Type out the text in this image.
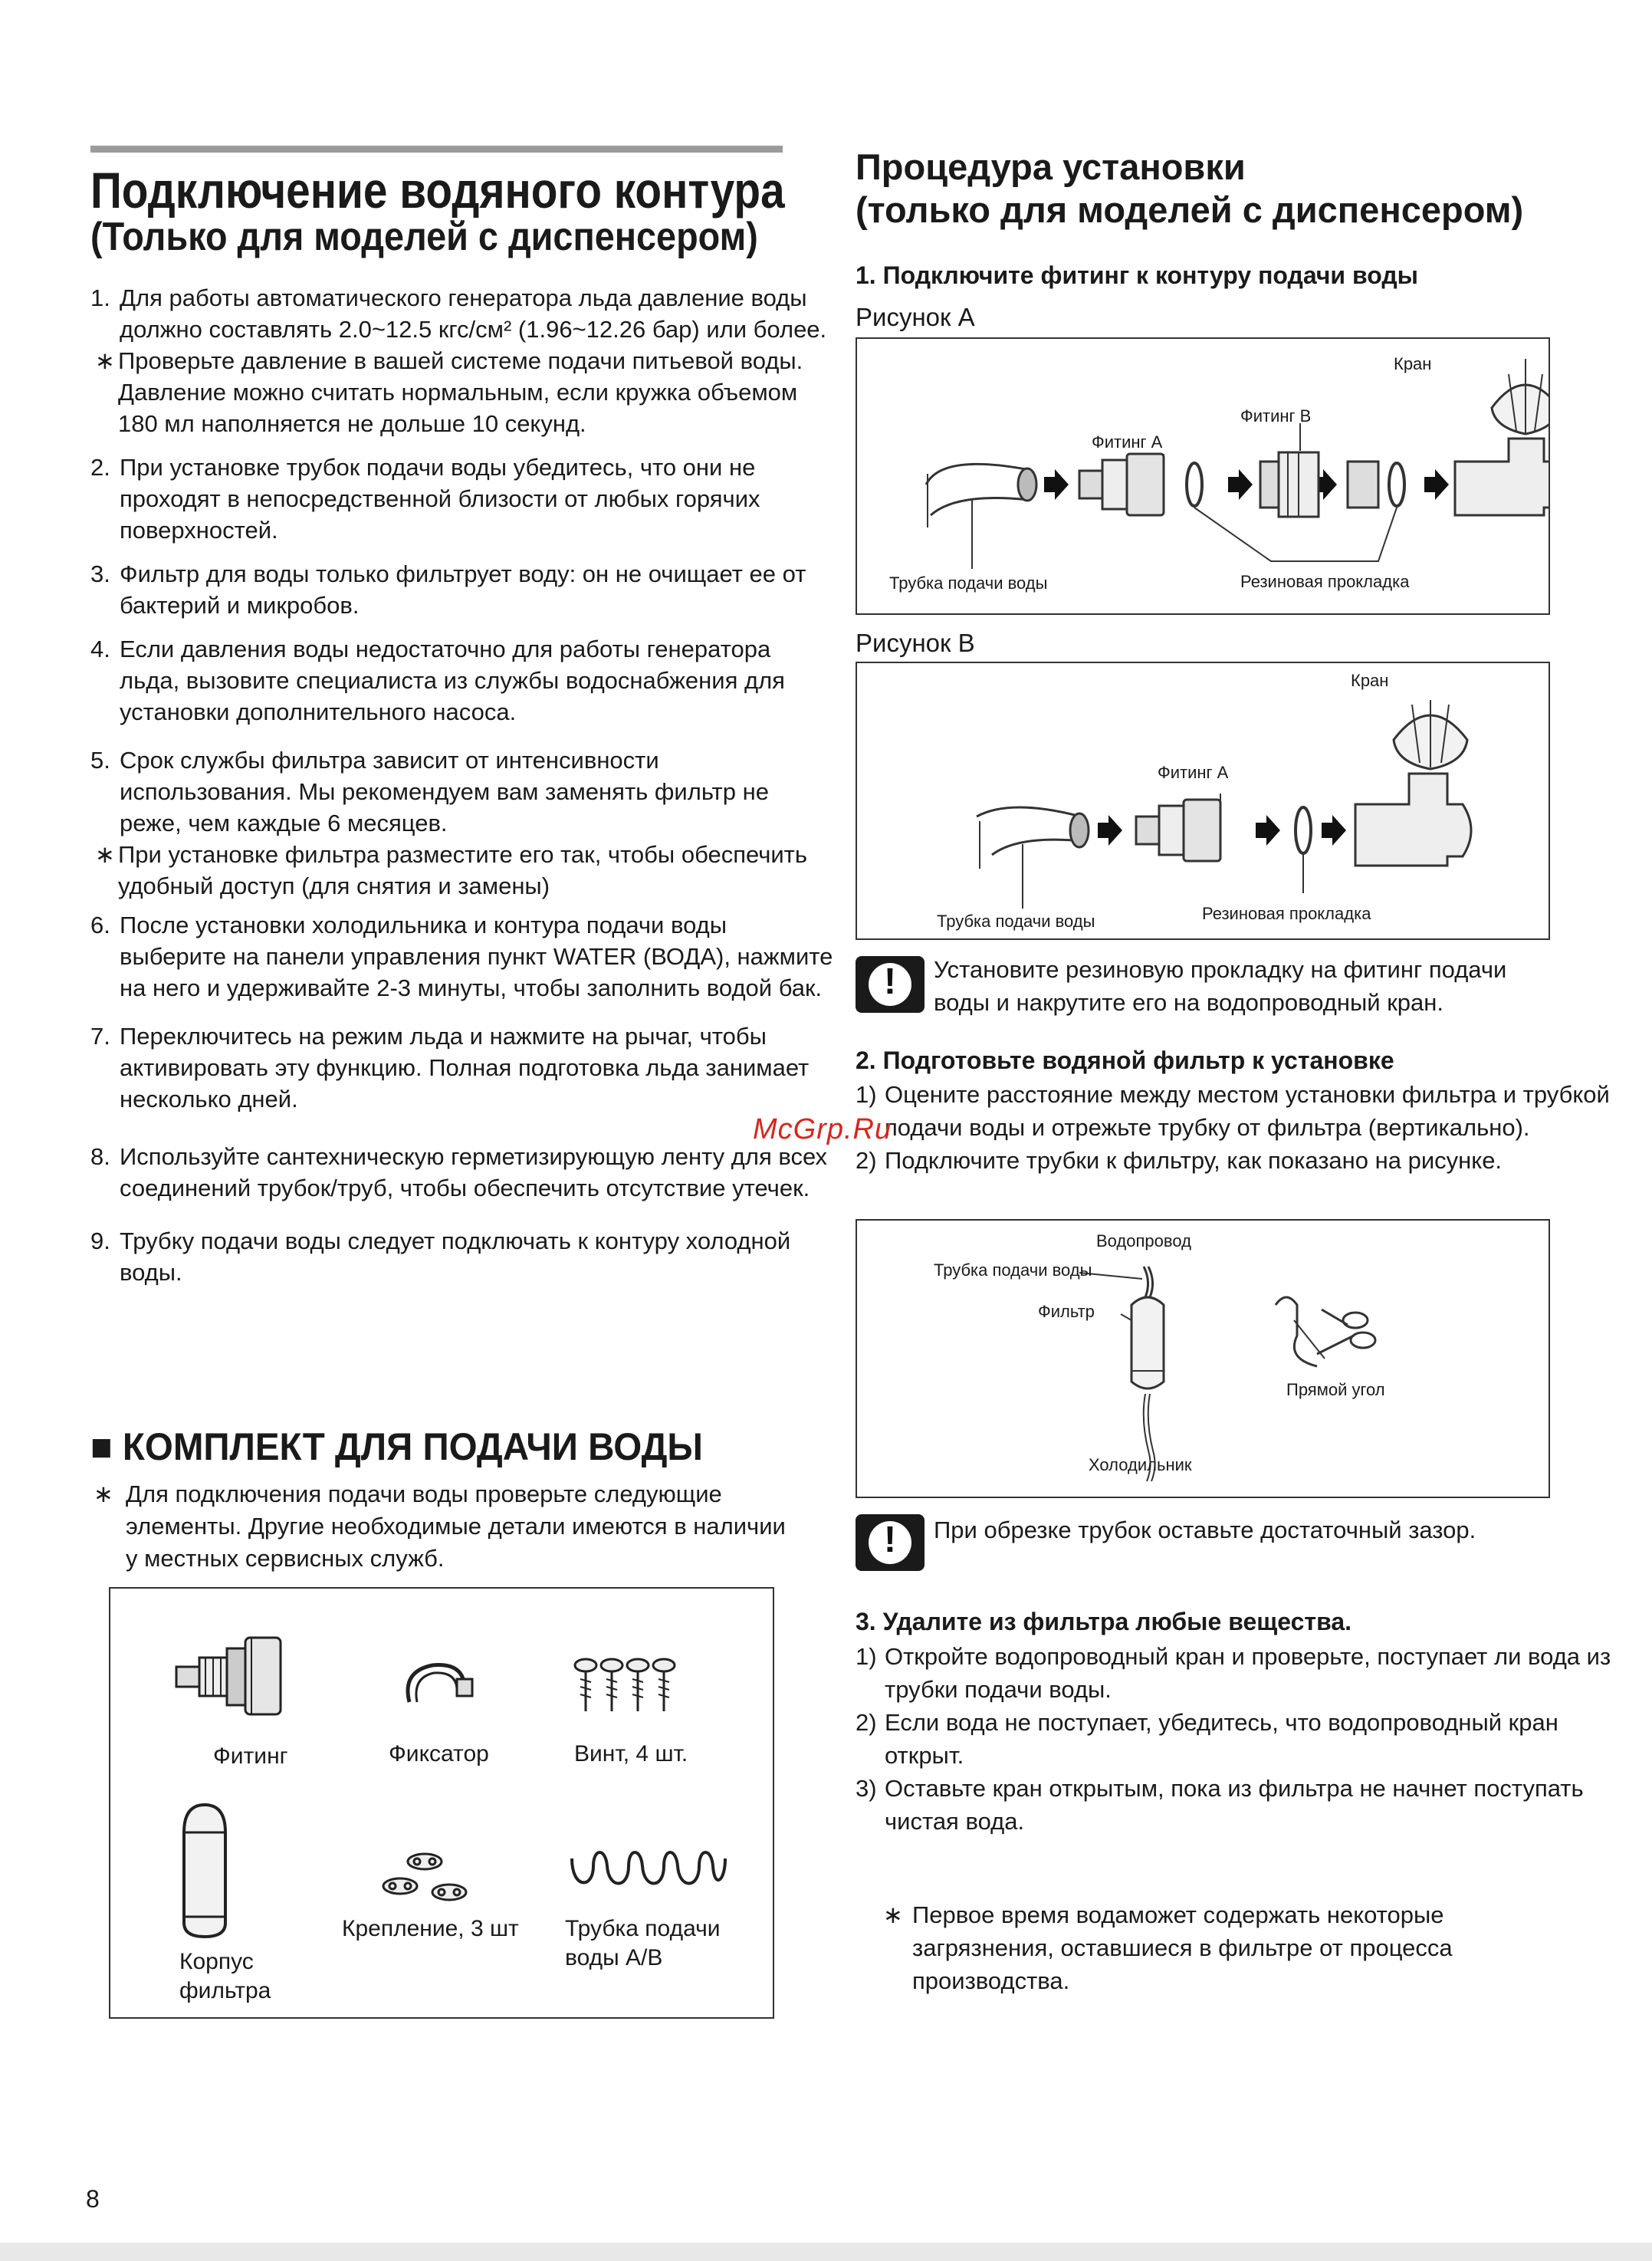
Подключение водяного контура
(Только для моделей с диспенсером)
1. Для работы автоматического генератора льда давление воды должно составлять 2.0~12.5 кгс/см² (1.96~12.26 бар) или более.
∗ Проверьте давление в вашей системе подачи питьевой воды. Давление можно считать нормальным, если кружка объемом 180 мл наполняется не дольше 10 секунд.
2. При установке трубок подачи воды убедитесь, что они не проходят в непосредственной близости от любых горячих поверхностей.
3. Фильтр для воды только фильтрует воду: он не очищает ее от бактерий и микробов.
4. Если давления воды недостаточно для работы генератора льда, вызовите специалиста из службы водоснабжения для установки дополнительного насоса.
5. Срок службы фильтра зависит от интенсивности использования. Мы рекомендуем вам заменять фильтр не реже, чем каждые 6 месяцев.
∗ При установке фильтра разместите его так, чтобы обеспечить удобный доступ (для снятия и замены)
6. После установки холодильника и контура подачи воды выберите на панели управления пункт WATER (ВОДА), нажмите на него и удерживайте 2-3 минуты, чтобы заполнить водой бак.
7. Переключитесь на режим льда и нажмите на рычаг, чтобы активировать эту функцию. Полная подготовка льда занимает несколько дней.
8. Используйте сантехническую герметизирующую ленту для всех соединений трубок/труб, чтобы обеспечить отсутствие утечек.
9. Трубку подачи воды следует подключать к контуру холодной воды.
■ КОМПЛЕКТ ДЛЯ ПОДАЧИ ВОДЫ
∗ Для подключения подачи воды проверьте следующие элементы. Другие необходимые детали имеются в наличии у местных сервисных служб.
Фитинг	Фиксатор	Винт, 4 шт.
Корпус
фильтра
Крепление, 3 шт Трубка подачи
воды A/B
8
Процедура установки
(только для моделей с диспенсером)
1. Подключите фитинг к контуру подачи воды
Рисунок А
Кран
Фитинг B
Фитинг А
Трубка подачи воды	Резиновая прокладка
Рисунок В
Кран
Фитинг А
Трубка подачи воды	Резиновая прокладка
!	Установите резиновую прокладку на фитинг подачи воды и накрутите его на водопроводный кран.
2. Подготовьте водяной фильтр к установке
1) Оцените расстояние между местом установки фильтра и трубкой подачи воды и отрежьте трубку от фильтра (вертикально).
2) Подключите трубки к фильтру, как показано на рисунке.
McGrp.Ru
Водопровод
Трубка подачи воды
Фильтр
Холодильник
Прямой угол
!	При обрезке трубок оставьте достаточный зазор.
3. Удалите из фильтра любые вещества.
1) Откройте водопроводный кран и проверьте, поступает ли вода из трубки подачи воды.
2) Если вода не поступает, убедитесь, что водопроводный кран открыт.
3) Оставьте кран открытым, пока из фильтра не начнет поступать чистая вода.
∗ Первое время водаможет содержать некоторые загрязнения, оставшиеся в фильтре от процесса производства.
